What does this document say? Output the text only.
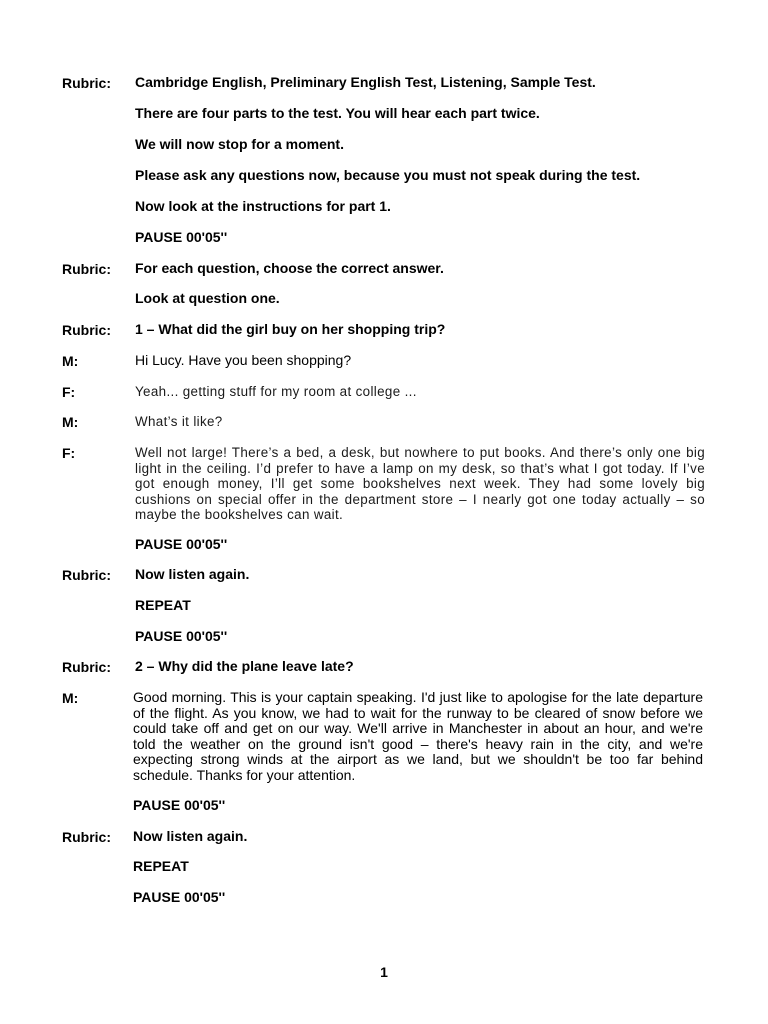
Rubric: Cambridge English, Preliminary English Test, Listening, Sample Test.
There are four parts to the test. You will hear each part twice.
We will now stop for a moment.
Please ask any questions now, because you must not speak during the test.
Now look at the instructions for part 1.
PAUSE 00'05''
Rubric: For each question, choose the correct answer.
Look at question one.
Rubric: 1 – What did the girl buy on her shopping trip?
M:	Hi Lucy. Have you been shopping?
F:	Yeah... getting stuff for my room at college ...
M:	What’s it like?
F:	Well not large! There’s a bed, a desk, but nowhere to put books. And there’s only one big light in the ceiling. I’d prefer to have a lamp on my desk, so that’s what I got today. If I’ve got enough money, I’ll get some bookshelves next week. They had some lovely big cushions on special offer in the department store – I nearly got one today actually – so maybe the bookshelves can wait.
PAUSE 00'05''
Rubric: Now listen again.
REPEAT
PAUSE 00'05''
Rubric: 2 – Why did the plane leave late?
M:	Good morning. This is your captain speaking. I'd just like to apologise for the late departure of the flight. As you know, we had to wait for the runway to be cleared of snow before we could take off and get on our way. We'll arrive in Manchester in about an hour, and we're told the weather on the ground isn't good – there's heavy rain in the city, and we're expecting strong winds at the airport as we land, but we shouldn't be too far behind schedule. Thanks for your attention.
PAUSE 00'05''
Rubric: Now listen again.
REPEAT
PAUSE 00'05''
1
